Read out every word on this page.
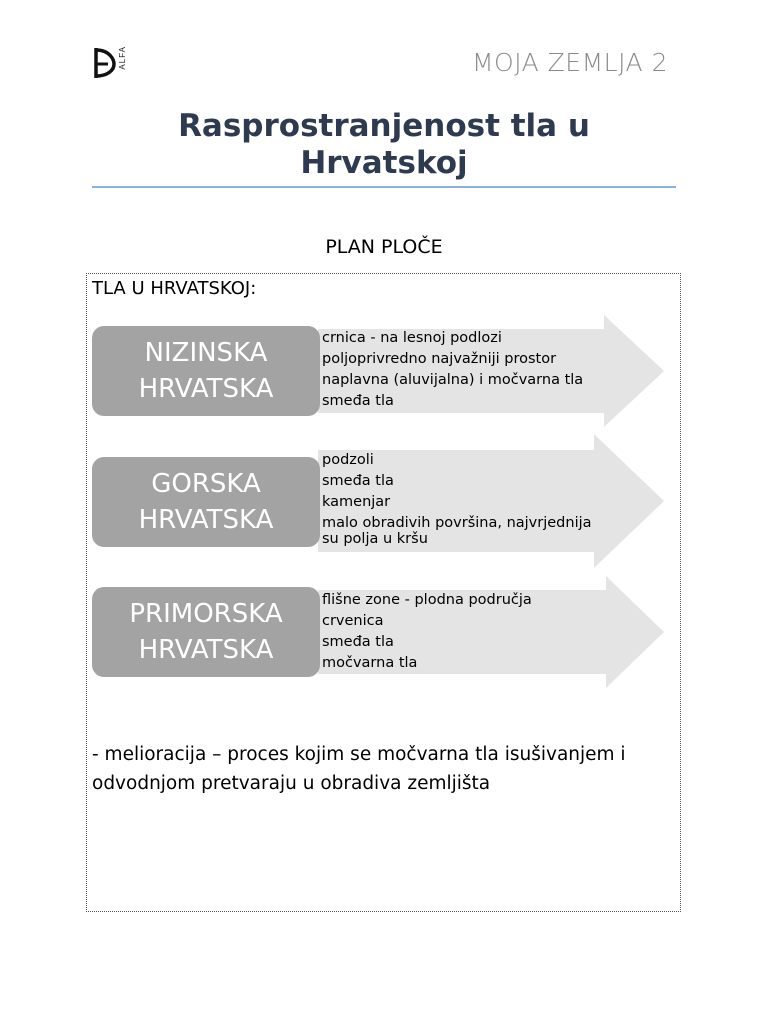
ALFA	MOJA ZEMLJA 2
Rasprostranjenost tla u Hrvatskoj
PLAN PLOČE
TLA U HRVATSKOJ:
NIZINSKA
HRVATSKA
crnica - na lesnoj podlozi
poljoprivredno najvažniji prostor
naplavna (aluvijalna) i močvarna tla
smeđa tla
GORSKA
HRVATSKA
podzoli
smeđa tla
kamenjar
malo obradivih površina, najvrjednija su polja u kršu
PRIMORSKA
HRVATSKA
flišne zone - plodna područja
crvenica
smeđa tla
močvarna tla
- melioracija – proces kojim se močvarna tla isušivanjem i odvodnjom pretvaraju u obradiva zemljišta
